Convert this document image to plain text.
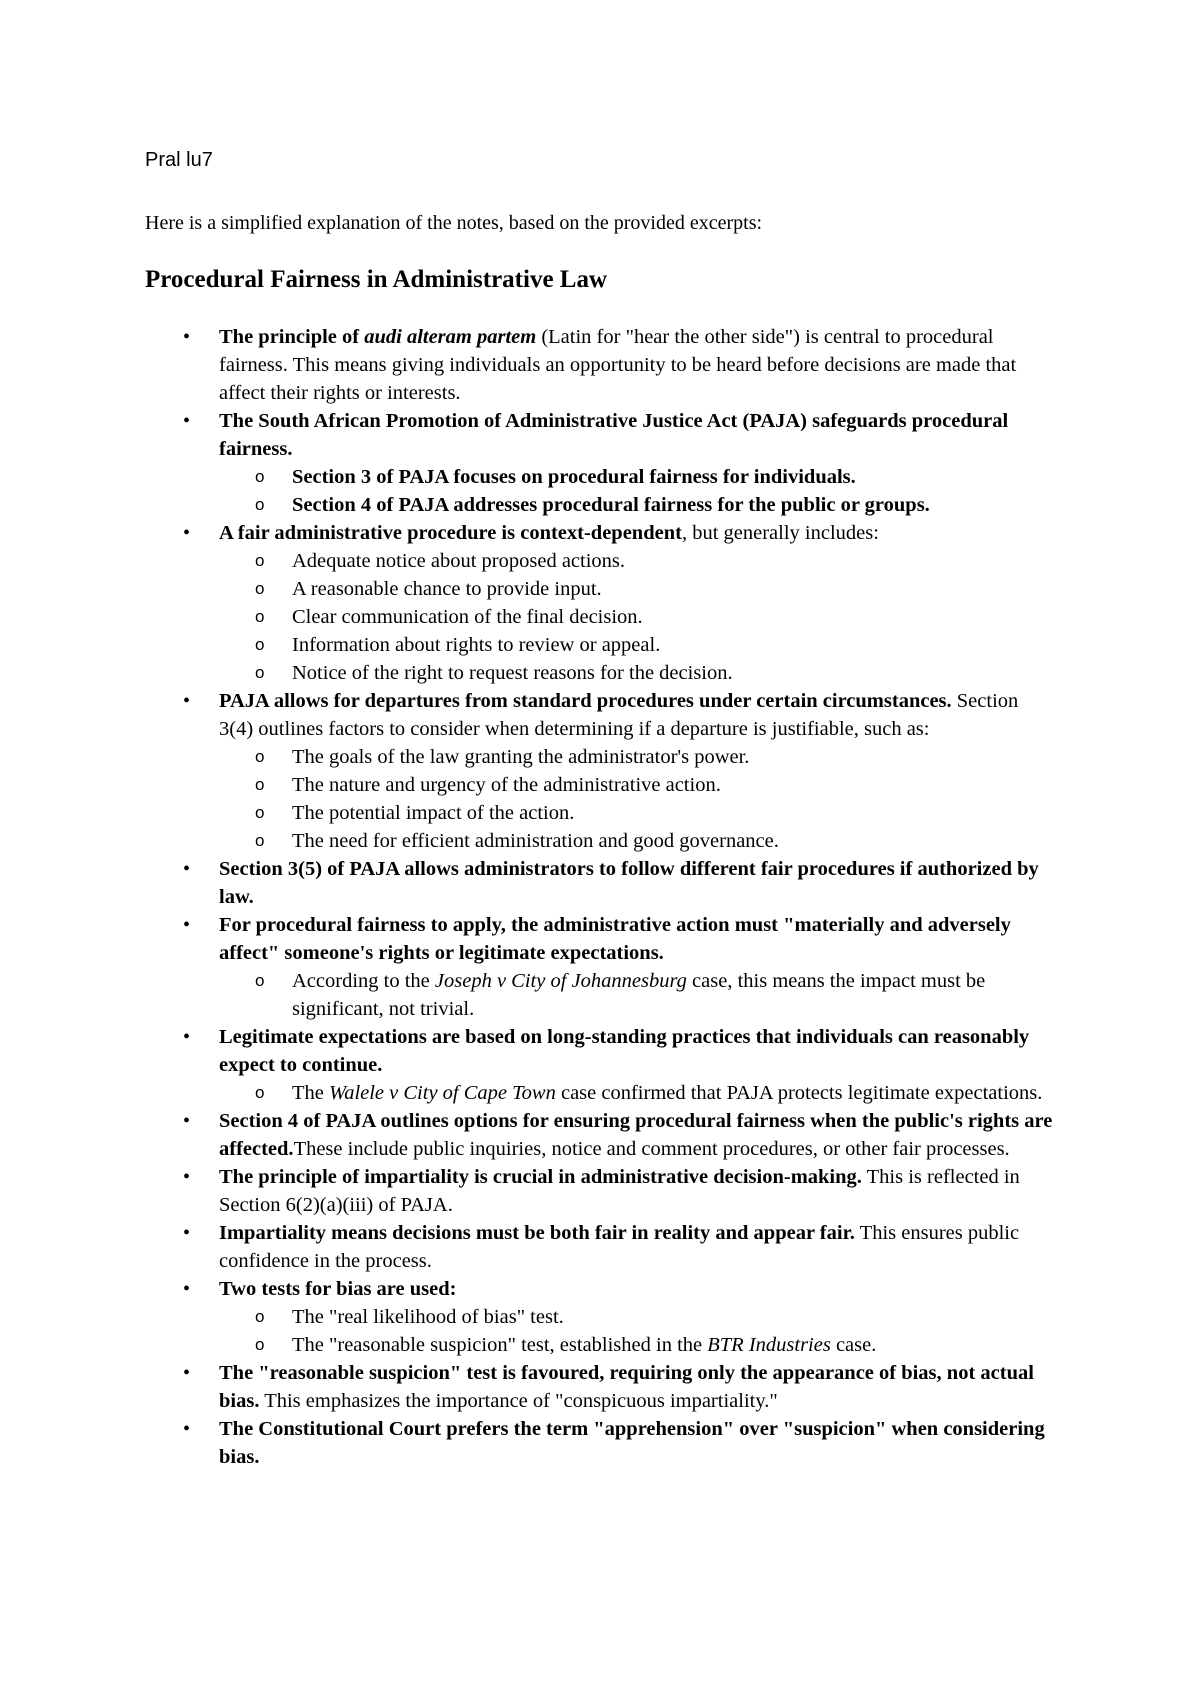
Pral lu7
Here is a simplified explanation of the notes, based on the provided excerpts:
Procedural Fairness in Administrative Law
• The principle of audi alteram partem (Latin for "hear the other side") is central to procedural fairness. This means giving individuals an opportunity to be heard before decisions are made that affect their rights or interests.
• The South African Promotion of Administrative Justice Act (PAJA) safeguards procedural fairness.
o Section 3 of PAJA focuses on procedural fairness for individuals.
o Section 4 of PAJA addresses procedural fairness for the public or groups.
• A fair administrative procedure is context-dependent, but generally includes:
o Adequate notice about proposed actions.
o A reasonable chance to provide input.
o Clear communication of the final decision.
o Information about rights to review or appeal.
o Notice of the right to request reasons for the decision.
• PAJA allows for departures from standard procedures under certain circumstances. Section 3(4) outlines factors to consider when determining if a departure is justifiable, such as:
o The goals of the law granting the administrator's power.
o The nature and urgency of the administrative action.
o The potential impact of the action.
o The need for efficient administration and good governance.
• Section 3(5) of PAJA allows administrators to follow different fair procedures if authorized by law.
• For procedural fairness to apply, the administrative action must "materially and adversely affect" someone's rights or legitimate expectations.
o According to the Joseph v City of Johannesburg case, this means the impact must be significant, not trivial.
• Legitimate expectations are based on long-standing practices that individuals can reasonably expect to continue.
o The Walele v City of Cape Town case confirmed that PAJA protects legitimate expectations.
• Section 4 of PAJA outlines options for ensuring procedural fairness when the public's rights are affected.These include public inquiries, notice and comment procedures, or other fair processes.
• The principle of impartiality is crucial in administrative decision-making. This is reflected in Section 6(2)(a)(iii) of PAJA.
• Impartiality means decisions must be both fair in reality and appear fair. This ensures public confidence in the process.
• Two tests for bias are used:
o The "real likelihood of bias" test.
o The "reasonable suspicion" test, established in the BTR Industries case.
• The "reasonable suspicion" test is favoured, requiring only the appearance of bias, not actual bias. This emphasizes the importance of "conspicuous impartiality."
• The Constitutional Court prefers the term "apprehension" over "suspicion" when considering bias.
